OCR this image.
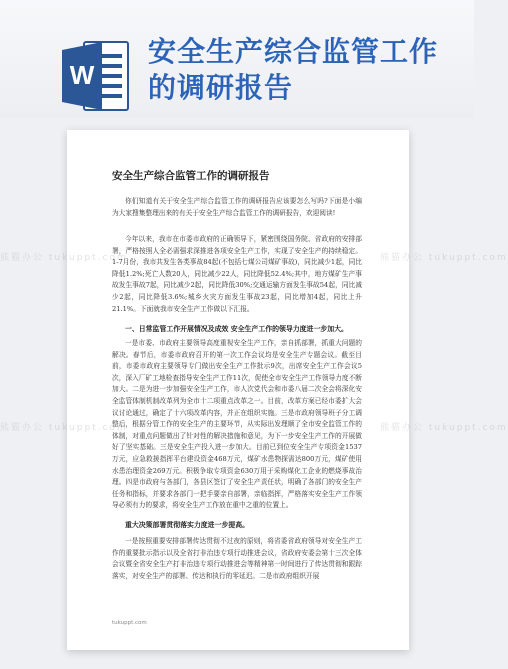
W
安全生产综合监管工作的调研报告
熊猫办公 tukuppt.com	熊猫办公 tukuppt.com
熊猫办公 tukuppt.com	熊猫办公 tukuppt.com
安全生产综合监管工作的调研报告

你们知道有关于安全生产综合监管工作的调研报告应该要怎么写吗?下面是小编为大家搜集整理出来的有关于安全生产综合监管工作的调研报告，欢迎阅读!

今年以来，我市在市委市政府的正确领导下，紧密围绕国务院、省政府的安排部署，严格按照人全必需强求深推进各项安全生产工作，实现了安全生产的持续稳定。1-7月份，我市共发生各类事故84起(不包括七煤公司煤矿事故)，同比减少1起，同比降低1.2%;死亡人数20人，同比减少22人，同比降低52.4%;其中，地方煤矿生产事故发生事故7起，同比减少2起，同比降低30%;交通运输方面发生事故54起，同比减少2起，同比降低3.6%;城乡火灾方面发生事故23起，同比增加4起，同比上升21.1%。下面就我市安全生产工作做以下汇报。

一、日常监管工作开展情况及成效 安全生产工作的领导力度进一步加大。

一是市委、市政府主要领导高度重视安全生产工作，亲自抓部署，抓重大问题的解决。春节后，市委市政府召开的第一次工作会议均是安全生产专题会议。截至目前，市委市政府主要领导专门做出安全生产工作批示9次，出席安全生产工作会议5次，深入厂矿工地检查指导安全生产工作11次，促使全市安全生产工作领导力度不断加大。二是为进一步加强安全生产工作，市人次党代会和市委八届二次全会将深化安全监管体制机制改革列为全市十二项重点改革之一。目前，改革方案已经市委扩大会议讨论通过，确定了十六项改革内容，并正在组织实施。三是市政府领导班子分工调整后，根据分管工作的安全生产的主要环节，从实际出发理顺了全市安全监管工作的体制，对重点问题做出了针对性的解决措施和意见，为下一步安全生产工作的开展做好了坚实基础。三是安全生产投入进一步加大。目前已到位安全生产专项资金1537万元，应急救援指挥平台建设资金468万元，煤矿水患物探需达800万元，煤矿使用水患治理资金269万元。积极争取专项资金630万用于采购煤化工企业的燃烧事故治理。四是市政府与各部门，各县区签订了安全生产责任状，明确了各部门的安全生产任务和指标，并要求各部门一把手要亲自部署，亲临指挥，严格落实安全生产工作领导必须有力的要求，将安全生产工作放在重中之重的位置上。

重大决策部署贯彻落实力度进一步提高。

一是按照重要安排部署传达贯彻不过夜的原则，将省委省政府领导对安全生产工作的重要批示指示以及全省打非治违专项行动推进会议，省政府安委会第十三次全体会议暨全省安全生产打非治违专项行动推进会等精神第一时间进行了传达贯彻和跟踪落实，对安全生产的部署、传达和执行的零延迟。二是市政府组织开展

tukuppt.com
